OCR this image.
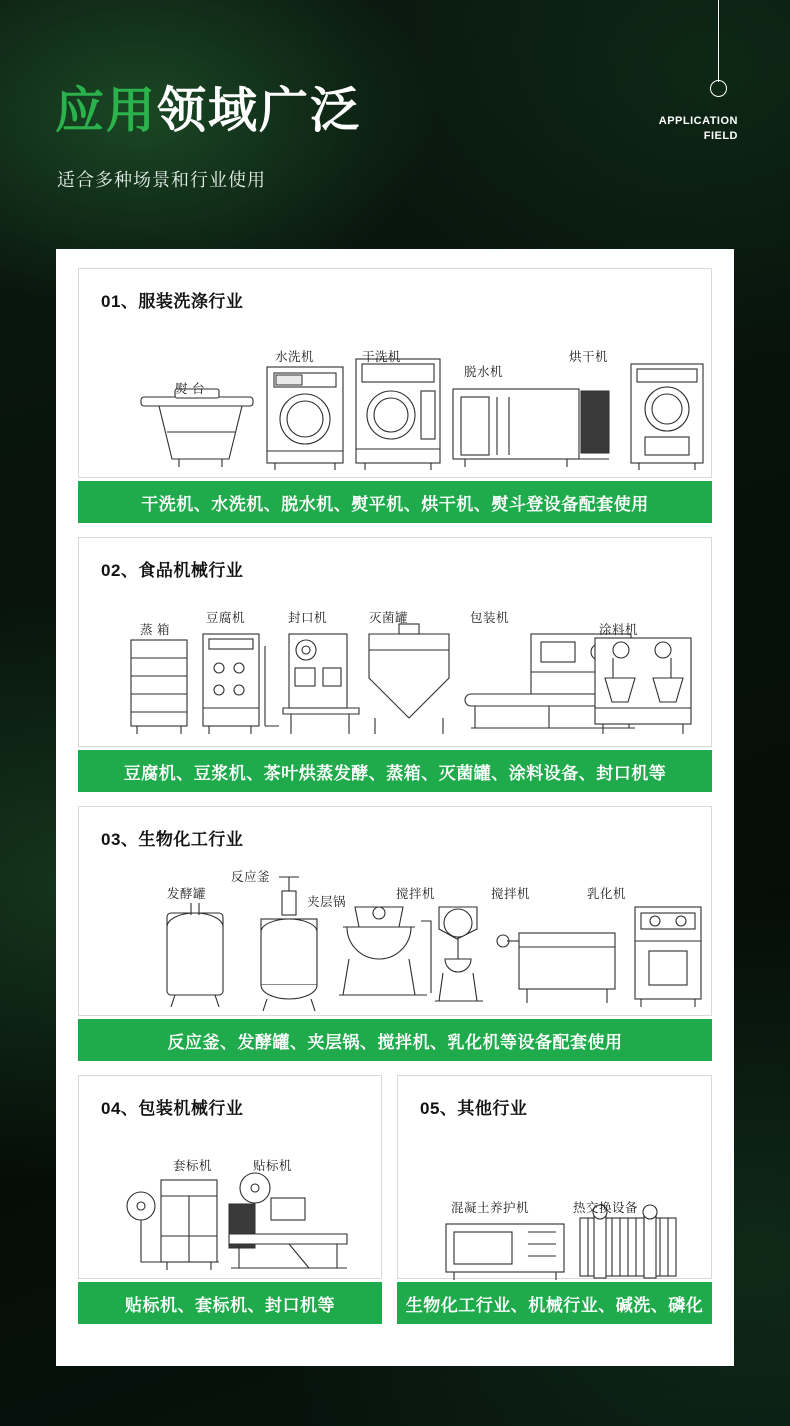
应用领域广泛
适合多种场景和行业使用
APPLICATION
FIELD
01、服装洗涤行业
熨 台
水洗机	干洗机
脱水机
烘干机
干洗机、水洗机、脱水机、熨平机、烘干机、熨斗登设备配套使用
02、食品机械行业
蒸 箱
豆腐机	封口机	灭菌罐	包装机
涂料机
豆腐机、豆浆机、茶叶烘蒸发酵、蒸箱、灭菌罐、涂料设备、封口机等
03、生物化工行业
发酵罐
反应釜
夹层锅
搅拌机	搅拌机	乳化机
反应釜、发酵罐、夹层锅、搅拌机、乳化机等设备配套使用
04、包装机械行业
套标机	贴标机
贴标机、套标机、封口机等
05、其他行业
混凝土养护机	热交换设备
生物化工行业、机械行业、碱洗、磷化
